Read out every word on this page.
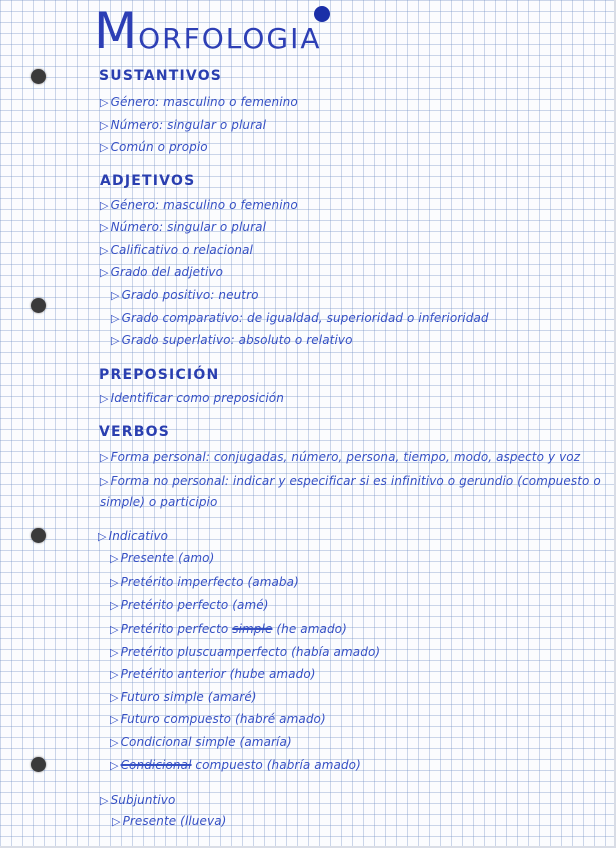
MORFOLOGIA
SUSTANTIVOS
▷ Género: masculino o femenino
▷ Número: singular o plural
▷ Común o propio
ADJETIVOS
▷ Género: masculino o femenino
▷ Número: singular o plural
▷ Calificativo o relacional
▷ Grado del adjetivo
▷ Grado positivo: neutro
▷ Grado comparativo: de igualdad, superioridad o inferioridad
▷ Grado superlativo: absoluto o relativo
PREPOSICIÓN
▷ Identificar como preposición
VERBOS
▷ Forma personal: conjugadas, número, persona, tiempo, modo, aspecto y voz
▷ Forma no personal: indicar y especificar si es infinitivo o gerundio (compuesto o
simple) o participio
▷ Indicativo
▷ Presente (amo)
▷ Pretérito imperfecto (amaba)
▷ Pretérito perfecto (amé)
▷ Pretérito perfecto simple (he amado)
▷ Pretérito pluscuamperfecto (había amado)
▷ Pretérito anterior (hube amado)
▷ Futuro simple (amaré)
▷ Futuro compuesto (habré amado)
▷ Condicional simple (amaría)
▷ Condicional compuesto (habría amado)
▷ Subjuntivo
▷ Presente (llueva)
